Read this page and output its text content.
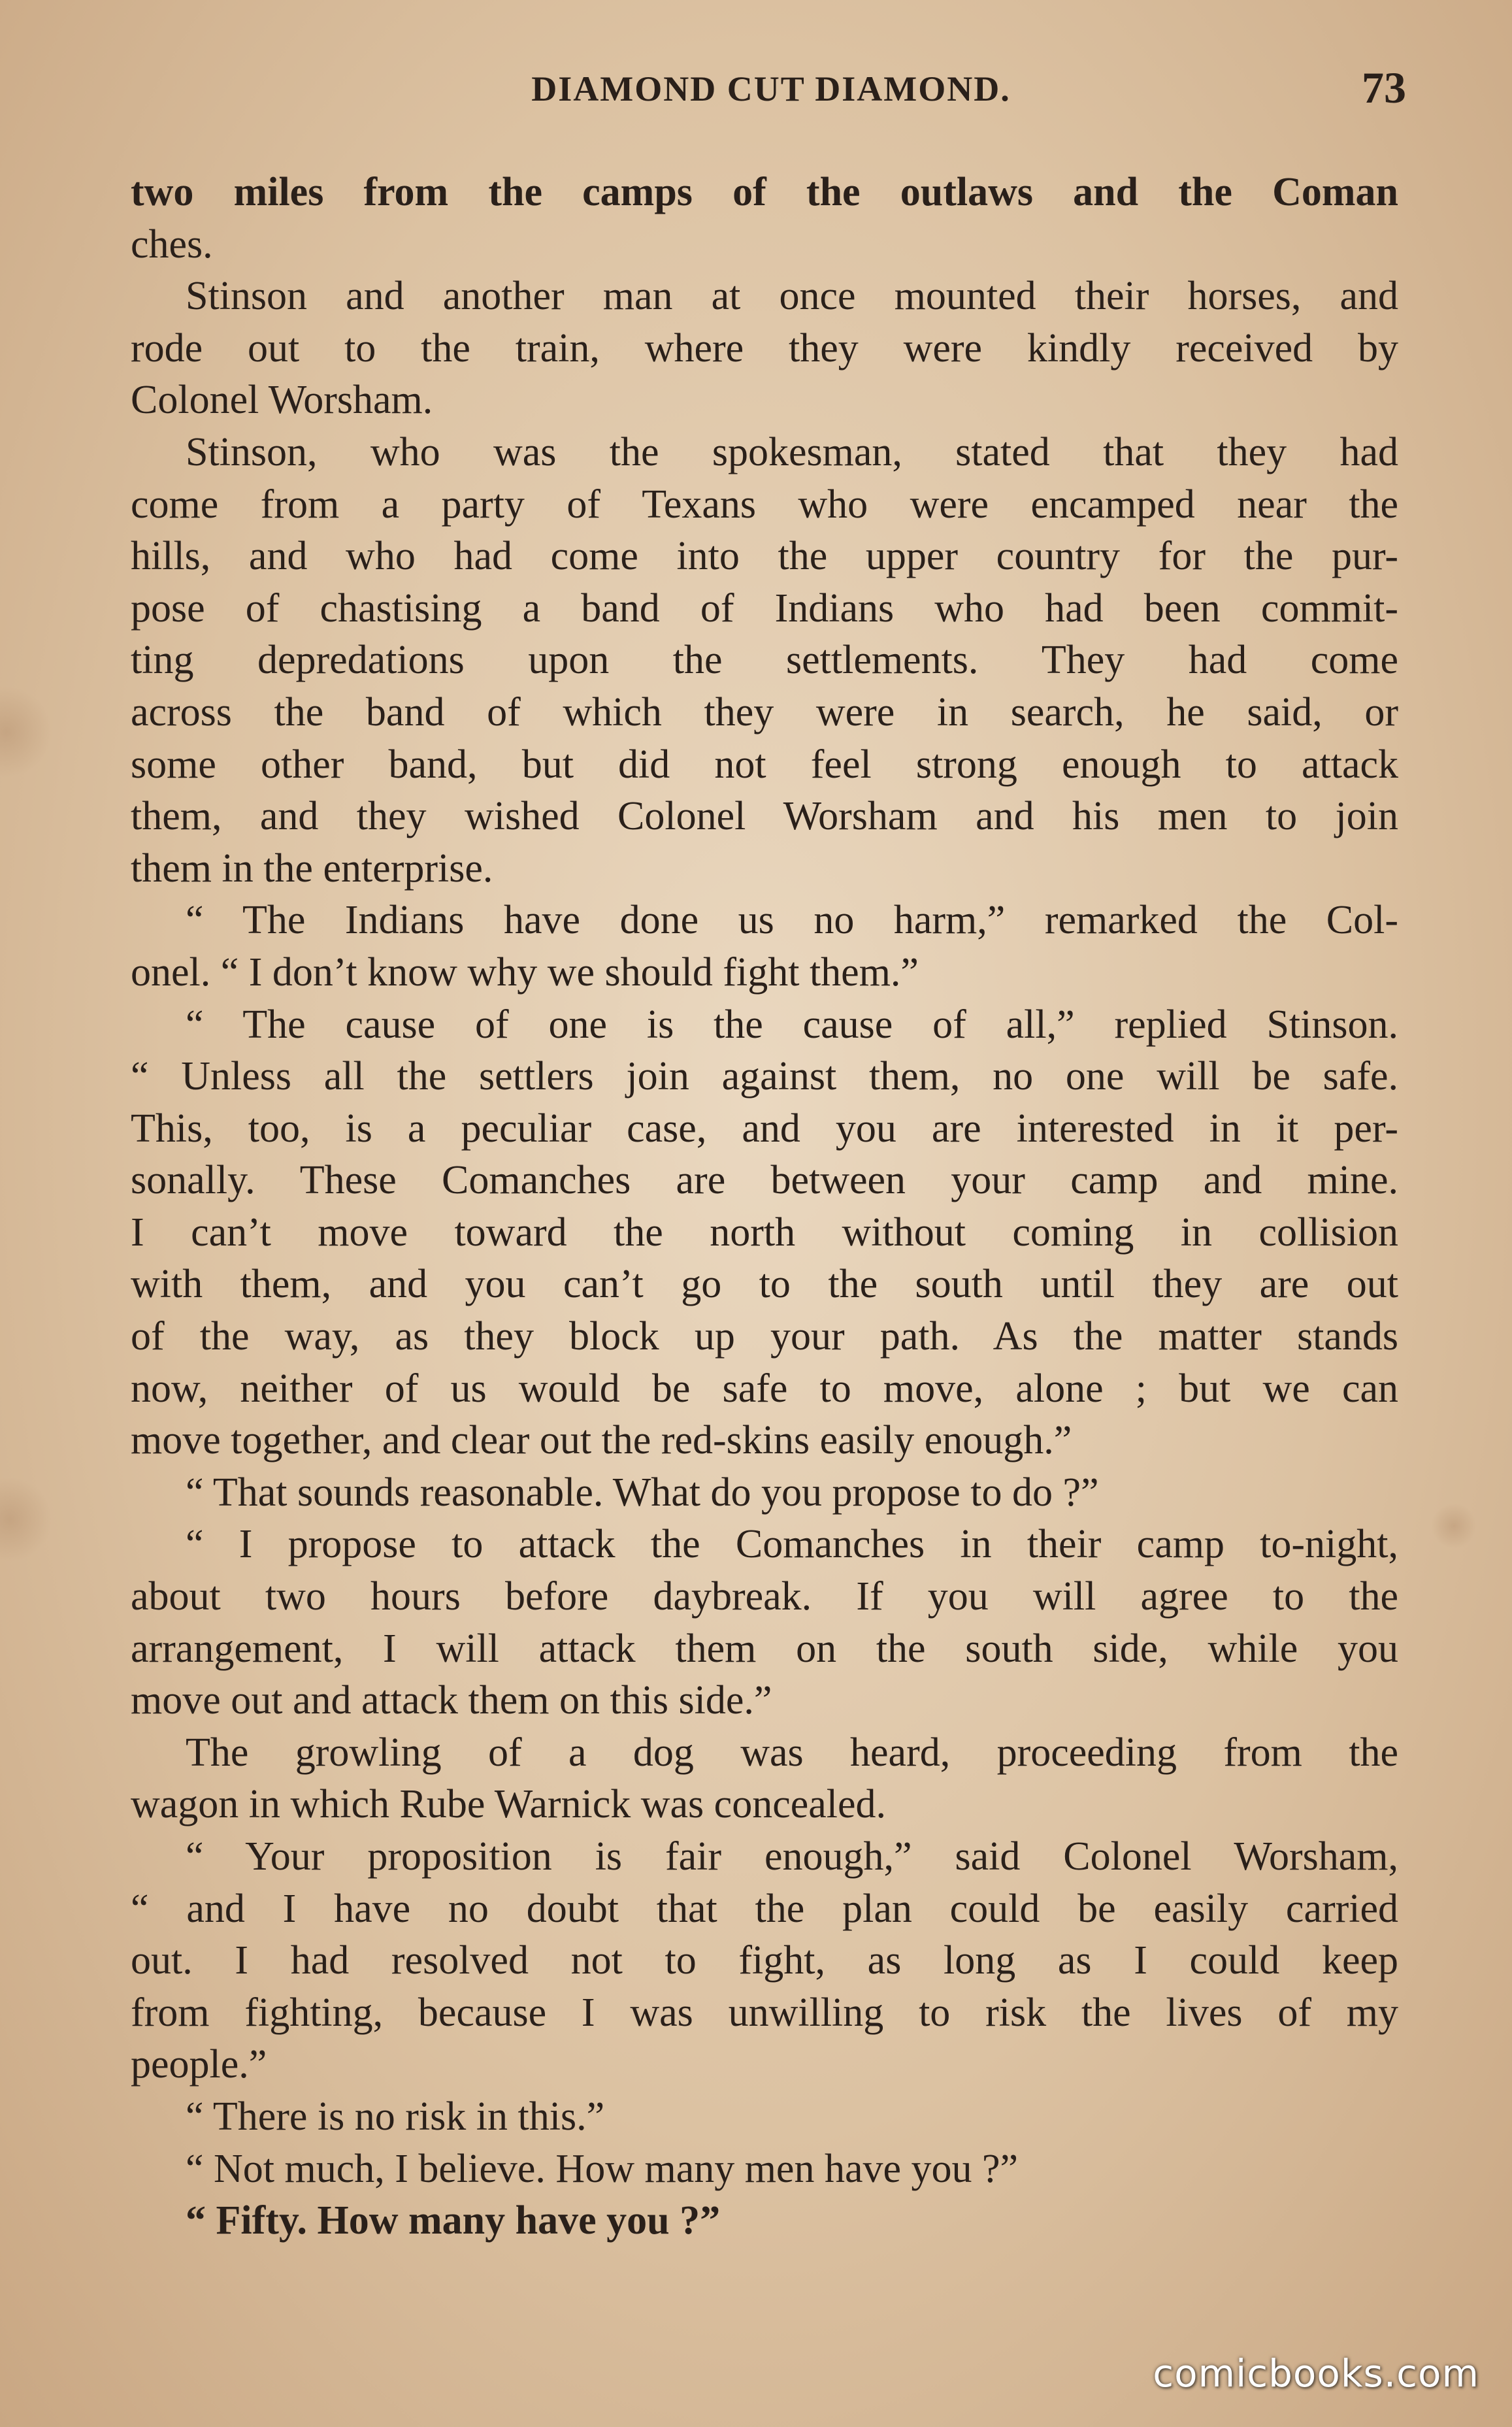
DIAMOND CUT DIAMOND.	73
two miles from the camps of the outlaws and the Coman
ches.
Stinson and another man at once mounted their horses, and
rode out to the train, where they were kindly received by
Colonel Worsham.
Stinson, who was the spokesman, stated that they had
come from a party of Texans who were encamped near the
hills, and who had come into the upper country for the pur-
pose of chastising a band of Indians who had been commit-
ting depredations upon the settlements. They had come
across the band of which they were in search, he said, or
some other band, but did not feel strong enough to attack
them, and they wished Colonel Worsham and his men to join
them in the enterprise.
“ The Indians have done us no harm,” remarked the Col-
onel. “ I don’t know why we should fight them.”
“ The cause of one is the cause of all,” replied Stinson.
“ Unless all the settlers join against them, no one will be safe.
This, too, is a peculiar case, and you are interested in it per-
sonally. These Comanches are between your camp and mine.
I can’t move toward the north without coming in collision
with them, and you can’t go to the south until they are out
of the way, as they block up your path. As the matter stands
now, neither of us would be safe to move, alone ; but we can
move together, and clear out the red-skins easily enough.”
“ That sounds reasonable. What do you propose to do ?”
“ I propose to attack the Comanches in their camp to-night,
about two hours before daybreak. If you will agree to the
arrangement, I will attack them on the south side, while you
move out and attack them on this side.”
The growling of a dog was heard, proceeding from the
wagon in which Rube Warnick was concealed.
“ Your proposition is fair enough,” said Colonel Worsham,
“ and I have no doubt that the plan could be easily carried
out. I had resolved not to fight, as long as I could keep
from fighting, because I was unwilling to risk the lives of my
people.”
“ There is no risk in this.”
“ Not much, I believe. How many men have you ?”
“ Fifty. How many have you ?”
comicbooks.com
